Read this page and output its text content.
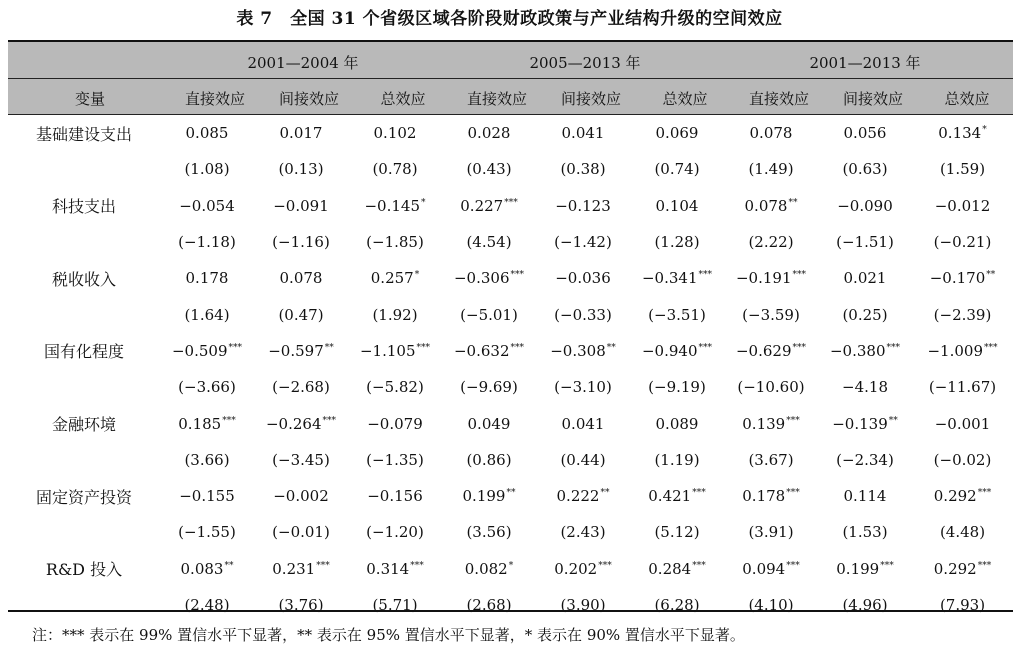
表 7　全国 31 个省级区域各阶段财政政策与产业结构升级的空间效应
2001—2004 年	2005—2013 年	2001—2013 年
变量	直接效应	间接效应	总效应	直接效应	间接效应	总效应	直接效应	间接效应	总效应
基础建设支出	0.085	0.017	0.102	0.028	0.041	0.069	0.078	0.056	0.134*
	(1.08)	(0.13)	(0.78)	(0.43)	(0.38)	(0.74)	(1.49)	(0.63)	(1.59)
科技支出	−0.054	−0.091	−0.145*	0.227***	−0.123	0.104	0.078**	−0.090	−0.012
	(−1.18)	(−1.16)	(−1.85)	(4.54)	(−1.42)	(1.28)	(2.22)	(−1.51)	(−0.21)
税收收入	0.178	0.078	0.257*	−0.306***	−0.036	−0.341***	−0.191***	0.021	−0.170**
	(1.64)	(0.47)	(1.92)	(−5.01)	(−0.33)	(−3.51)	(−3.59)	(0.25)	(−2.39)
国有化程度	−0.509***	−0.597**	−1.105***	−0.632***	−0.308**	−0.940***	−0.629***	−0.380***	−1.009***
	(−3.66)	(−2.68)	(−5.82)	(−9.69)	(−3.10)	(−9.19)	(−10.60)	−4.18	(−11.67)
金融环境	0.185***	−0.264***	−0.079	0.049	0.041	0.089	0.139***	−0.139**	−0.001
	(3.66)	(−3.45)	(−1.35)	(0.86)	(0.44)	(1.19)	(3.67)	(−2.34)	(−0.02)
固定资产投资	−0.155	−0.002	−0.156	0.199**	0.222**	0.421***	0.178***	0.114	0.292***
	(−1.55)	(−0.01)	(−1.20)	(3.56)	(2.43)	(5.12)	(3.91)	(1.53)	(4.48)
R&D 投入	0.083**	0.231***	0.314***	0.082*	0.202***	0.284***	0.094***	0.199***	0.292***
	(2.48)	(3.76)	(5.71)	(2.68)	(3.90)	(6.28)	(4.10)	(4.96)	(7.93)
注：*** 表示在 99% 置信水平下显著，** 表示在 95% 置信水平下显著，* 表示在 90% 置信水平下显著。
